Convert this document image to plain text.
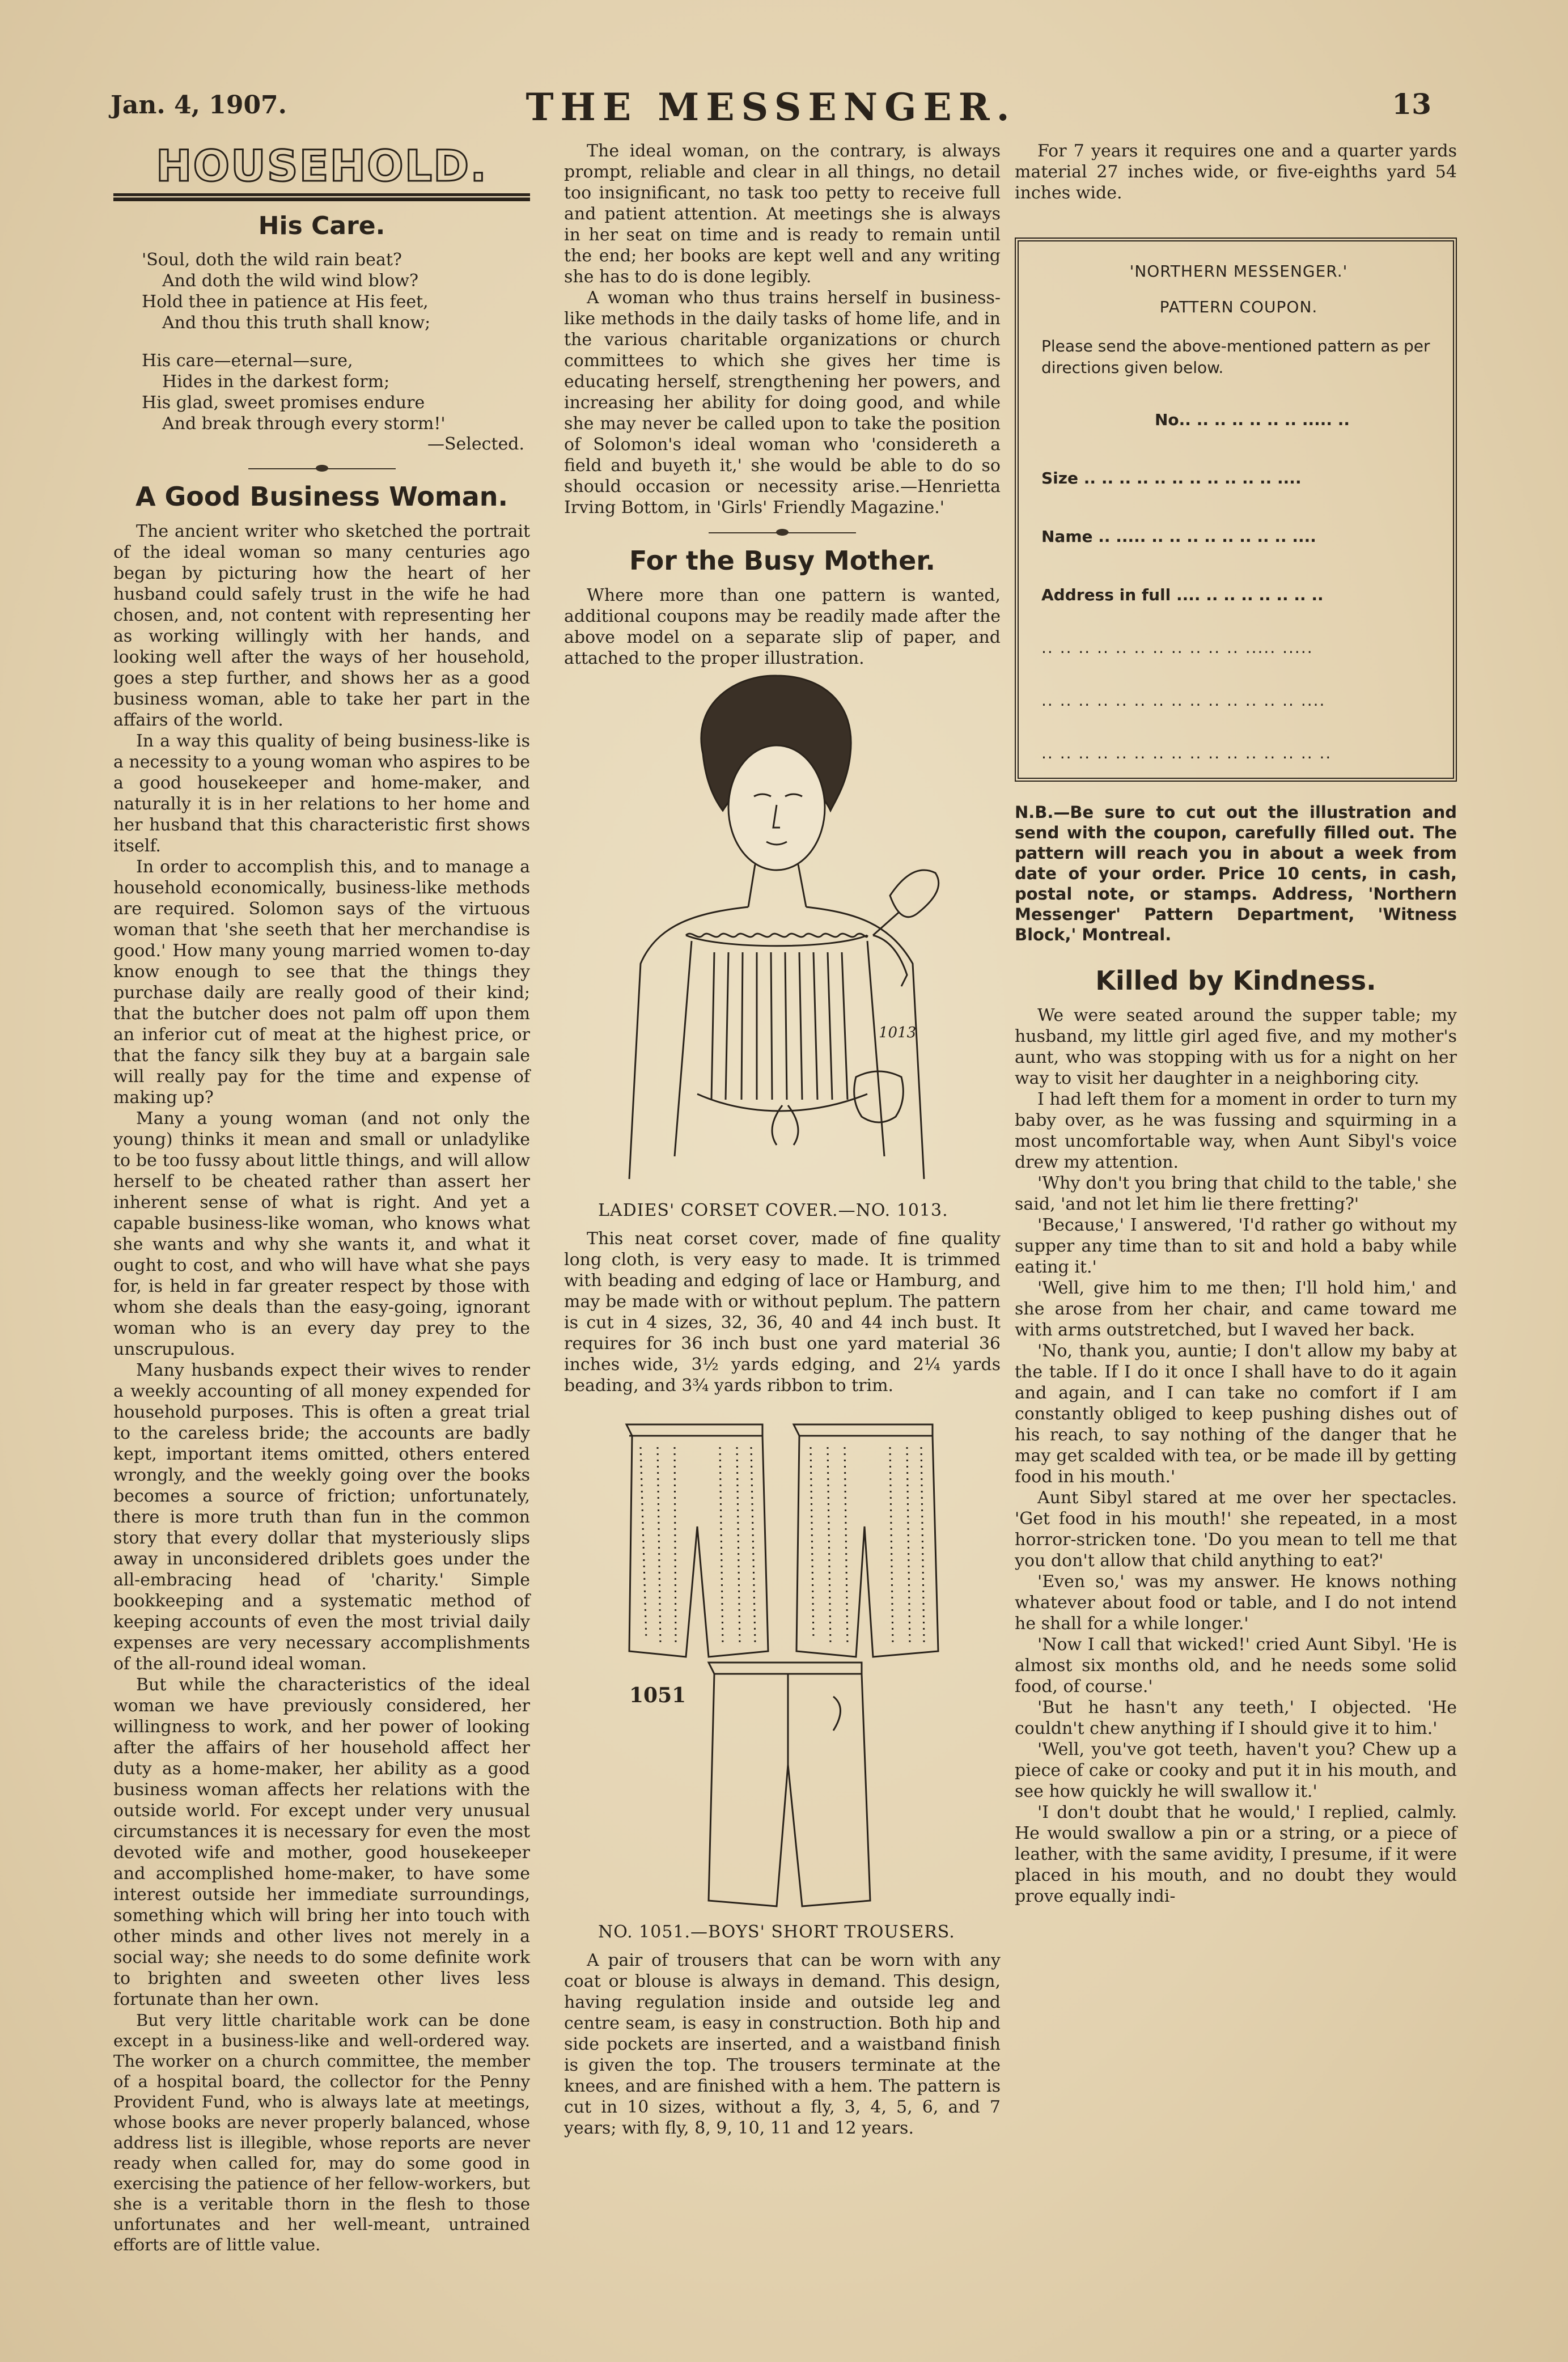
Jan. 4, 1907.	THE MESSENGER.	13
HOUSEHOLD.
His Care.
'Soul, doth the wild rain beat?
And doth the wild wind blow?
Hold thee in patience at His feet,
And thou this truth shall know;
His care—eternal—sure,
Hides in the darkest form;
His glad, sweet promises endure
And break through every storm!'
—Selected.
A Good Business Woman.

The ancient writer who sketched the portrait of the ideal woman so many centuries ago began by picturing how the heart of her husband could safely trust in the wife he had chosen, and, not content with representing her as working willingly with her hands, and looking well after the ways of her household, goes a step further, and shows her as a good business woman, able to take her part in the affairs of the world.

In a way this quality of being business-like is a necessity to a young woman who aspires to be a good housekeeper and home-maker, and naturally it is in her relations to her home and her husband that this characteristic first shows itself.

In order to accomplish this, and to manage a household economically, business-like methods are required. Solomon says of the virtuous woman that 'she seeth that her merchandise is good.' How many young married women to-day know enough to see that the things they purchase daily are really good of their kind; that the butcher does not palm off upon them an inferior cut of meat at the highest price, or that the fancy silk they buy at a bargain sale will really pay for the time and expense of making up?

Many a young woman (and not only the young) thinks it mean and small or unladylike to be too fussy about little things, and will allow herself to be cheated rather than assert her inherent sense of what is right. And yet a capable business-like woman, who knows what she wants and why she wants it, and what it ought to cost, and who will have what she pays for, is held in far greater respect by those with whom she deals than the easy-going, ignorant woman who is an every day prey to the unscrupulous.

Many husbands expect their wives to render a weekly accounting of all money expended for household purposes. This is often a great trial to the careless bride; the accounts are badly kept, important items omitted, others entered wrongly, and the weekly going over the books becomes a source of friction; unfortunately, there is more truth than fun in the common story that every dollar that mysteriously slips away in unconsidered driblets goes under the all-embracing head of 'charity.' Simple bookkeeping and a systematic method of keeping accounts of even the most trivial daily expenses are very necessary accomplishments of the all-round ideal woman.

But while the characteristics of the ideal woman we have previously considered, her willingness to work, and her power of looking after the affairs of her household affect her duty as a home-maker, her ability as a good business woman affects her relations with the outside world. For except under very unusual circumstances it is necessary for even the most devoted wife and mother, good housekeeper and accomplished home-maker, to have some interest outside her immediate surroundings, something which will bring her into touch with other minds and other lives not merely in a social way; she needs to do some definite work to brighten and sweeten other lives less fortunate than her own.

But very little charitable work can be done except in a business-like and well-ordered way. The worker on a church committee, the member of a hospital board, the collector for the Penny Provident Fund, who is always late at meetings, whose books are never properly balanced, whose address list is illegible, whose reports are never ready when called for, may do some good in exercising the patience of her fellow-workers, but she is a veritable thorn in the flesh to those unfortunates and her well-meant, untrained efforts are of little value.

The ideal woman, on the contrary, is always prompt, reliable and clear in all things, no detail too insignificant, no task too petty to receive full and patient attention. At meetings she is always in her seat on time and is ready to remain until the end; her books are kept well and any writing she has to do is done legibly.

A woman who thus trains herself in business-like methods in the daily tasks of home life, and in the various charitable organizations or church committees to which she gives her time is educating herself, strengthening her powers, and increasing her ability for doing good, and while she may never be called upon to take the position of Solomon's ideal woman who 'considereth a field and buyeth it,' she would be able to do so should occasion or necessity arise.—Henrietta Irving Bottom, in 'Girls' Friendly Magazine.'

For the Busy Mother.

Where more than one pattern is wanted, additional coupons may be readily made after the above model on a separate slip of paper, and attached to the proper illustration.

1013
LADIES' CORSET COVER.—NO. 1013.

This neat corset cover, made of fine quality long cloth, is very easy to made. It is trimmed with beading and edging of lace or Hamburg, and may be made with or without peplum. The pattern is cut in 4 sizes, 32, 36, 40 and 44 inch bust. It requires for 36 inch bust one yard material 36 inches wide, 3½ yards edging, and 2¼ yards beading, and 3¾ yards ribbon to trim.

1051
NO. 1051.—BOYS' SHORT TROUSERS.

A pair of trousers that can be worn with any coat or blouse is always in demand. This design, having regulation inside and outside leg and centre seam, is easy in construction. Both hip and side pockets are inserted, and a waistband finish is given the top. The trousers terminate at the knees, and are finished with a hem. The pattern is cut in 10 sizes, without a fly, 3, 4, 5, 6, and 7 years; with fly, 8, 9, 10, 11 and 12 years.

For 7 years it requires one and a quarter yards material 27 inches wide, or five-eighths yard 54 inches wide.

'NORTHERN MESSENGER.'
PATTERN COUPON.
Please send the above-mentioned pattern as per directions given below.
No.. .. .. .. .. .. .. ..... ..
Size .. .. .. .. .. .. .. .. .. .. .. ....
Name .. ..... .. .. .. .. .. .. .. .. ....
Address in full .... .. .. .. .. .. .. ..
.. .. .. .. .. .. .. .. .. .. .. ..... .....
.. .. .. .. .. .. .. .. .. .. .. .. .. .. ....
.. .. .. .. .. .. .. .. .. .. .. .. .. .. .. ..

N.B.—Be sure to cut out the illustration and send with the coupon, carefully filled out. The pattern will reach you in about a week from date of your order. Price 10 cents, in cash, postal note, or stamps. Address, 'Northern Messenger' Pattern Department, 'Witness Block,' Montreal.

Killed by Kindness.

We were seated around the supper table; my husband, my little girl aged five, and my mother's aunt, who was stopping with us for a night on her way to visit her daughter in a neighboring city.

I had left them for a moment in order to turn my baby over, as he was fussing and squirming in a most uncomfortable way, when Aunt Sibyl's voice drew my attention.

'Why don't you bring that child to the table,' she said, 'and not let him lie there fretting?'

'Because,' I answered, 'I'd rather go without my supper any time than to sit and hold a baby while eating it.'

'Well, give him to me then; I'll hold him,' and she arose from her chair, and came toward me with arms outstretched, but I waved her back.

'No, thank you, auntie; I don't allow my baby at the table. If I do it once I shall have to do it again and again, and I can take no comfort if I am constantly obliged to keep pushing dishes out of his reach, to say nothing of the danger that he may get scalded with tea, or be made ill by getting food in his mouth.'

Aunt Sibyl stared at me over her spectacles. 'Get food in his mouth!' she repeated, in a most horror-stricken tone. 'Do you mean to tell me that you don't allow that child anything to eat?'

'Even so,' was my answer. He knows nothing whatever about food or table, and I do not intend he shall for a while longer.'

'Now I call that wicked!' cried Aunt Sibyl. 'He is almost six months old, and he needs some solid food, of course.'

'But he hasn't any teeth,' I objected. 'He couldn't chew anything if I should give it to him.'

'Well, you've got teeth, haven't you? Chew up a piece of cake or cooky and put it in his mouth, and see how quickly he will swallow it.'

'I don't doubt that he would,' I replied, calmly. He would swallow a pin or a string, or a piece of leather, with the same avidity, I presume, if it were placed in his mouth, and no doubt they would prove equally indi-
